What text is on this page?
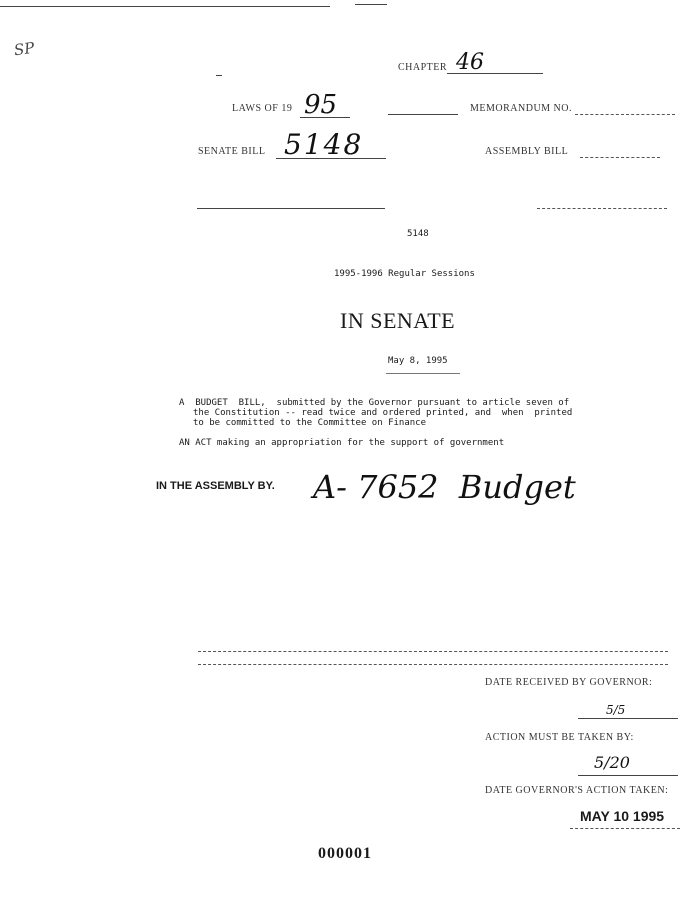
SP
CHAPTER 46
LAWS OF 19 95	MEMORANDUM NO.
SENATE BILL 5148	ASSEMBLY BILL
5148
1995-1996 Regular Sessions
IN SENATE
May 8, 1995
A  BUDGET  BILL,  submitted by the Governor pursuant to article seven of
the Constitution -- read twice and ordered printed, and  when  printed
to be committed to the Committee on Finance
AN ACT making an appropriation for the support of government
IN THE ASSEMBLY BY. A- 7652  Budget
DATE RECEIVED BY GOVERNOR:
5/5
ACTION MUST BE TAKEN BY:
5/20
DATE GOVERNOR'S ACTION TAKEN:
MAY 10 1995
000001
